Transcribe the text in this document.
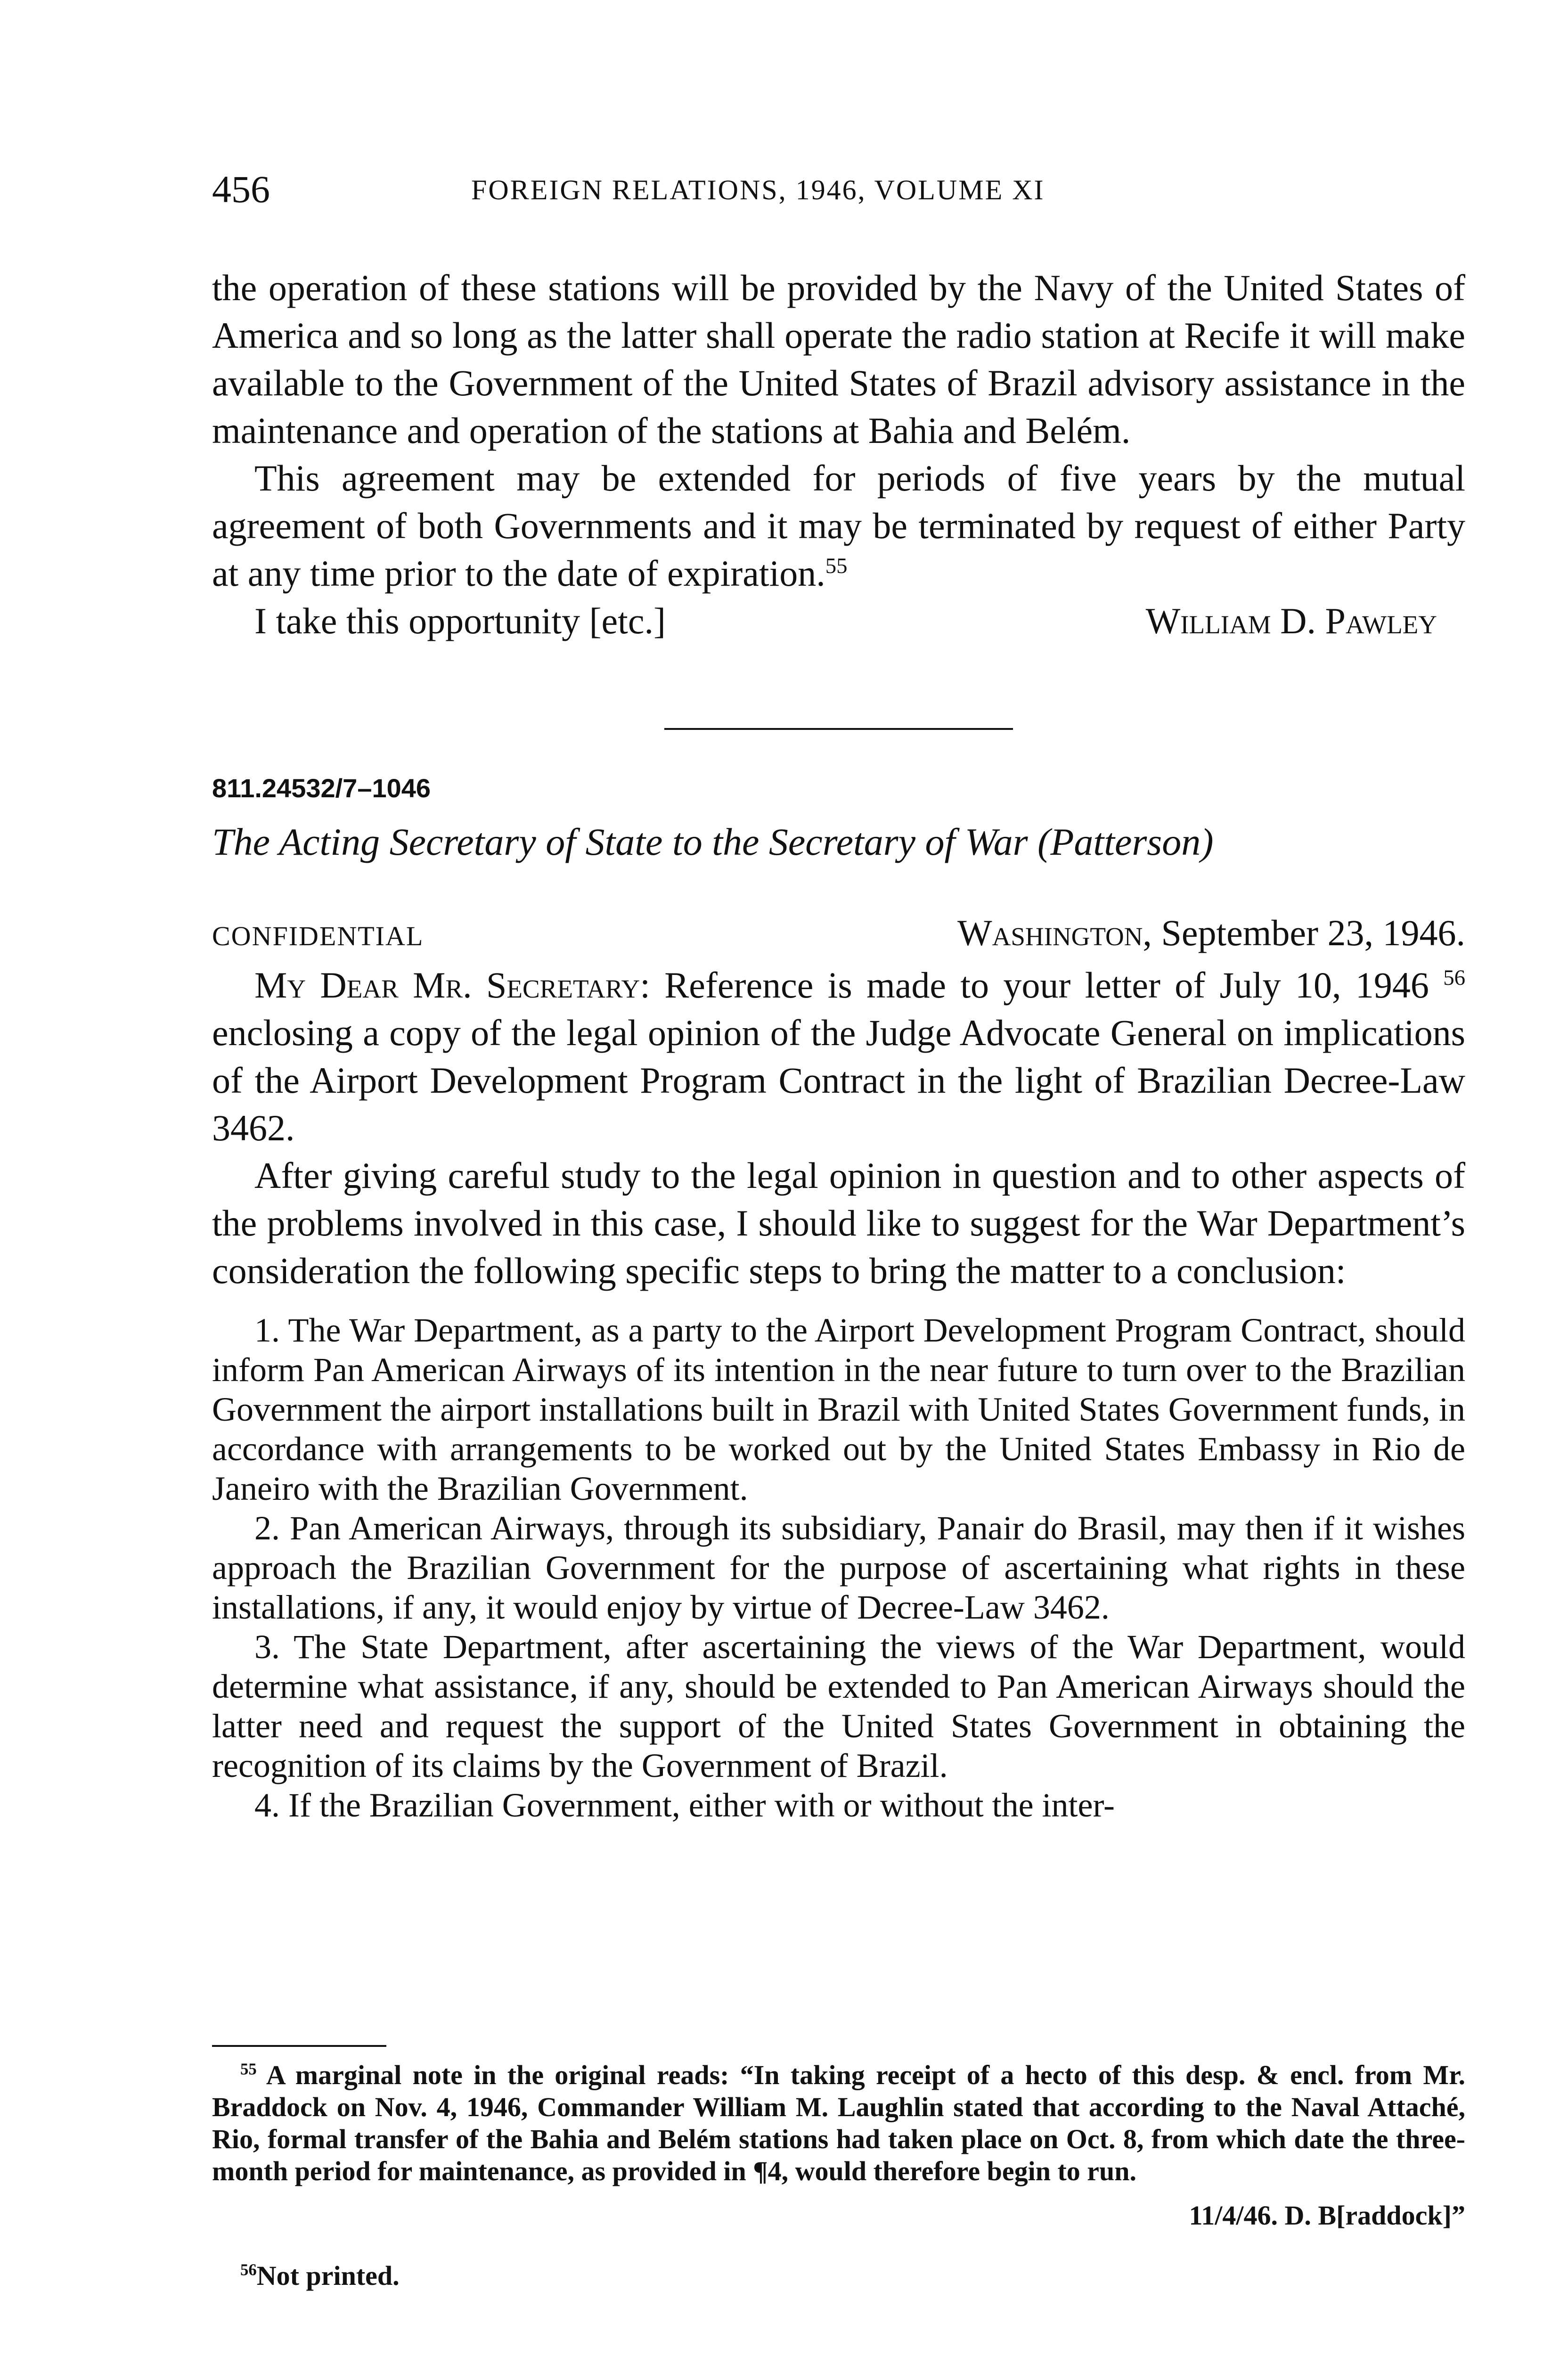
456	FOREIGN RELATIONS, 1946, VOLUME XI

the operation of these stations will be provided by the Navy of the United States of America and so long as the latter shall operate the radio station at Recife it will make available to the Government of the United States of Brazil advisory assistance in the maintenance and operation of the stations at Bahia and Belém.

This agreement may be extended for periods of five years by the mutual agreement of both Governments and it may be terminated by request of either Party at any time prior to the date of expiration.$^{55}$

I take this opportunity [etc.]	William D. Pawley
811.24532/7–1046
The Acting Secretary of State to the Secretary of War (Patterson)
CONFIDENTIAL	Washington, September 23, 1946.

My Dear Mr. Secretary: Reference is made to your letter of July 10, 1946 $^{56}$ enclosing a copy of the legal opinion of the Judge Advocate General on implications of the Airport Development Program Contract in the light of Brazilian Decree-Law 3462.

After giving careful study to the legal opinion in question and to other aspects of the problems involved in this case, I should like to suggest for the War Department’s consideration the following specific steps to bring the matter to a conclusion:

1. The War Department, as a party to the Airport Development Program Contract, should inform Pan American Airways of its intention in the near future to turn over to the Brazilian Government the airport installations built in Brazil with United States Government funds, in accordance with arrangements to be worked out by the United States Embassy in Rio de Janeiro with the Brazilian Government.

2. Pan American Airways, through its subsidiary, Panair do Brasil, may then if it wishes approach the Brazilian Government for the purpose of ascertaining what rights in these installations, if any, it would enjoy by virtue of Decree-Law 3462.

3. The State Department, after ascertaining the views of the War Department, would determine what assistance, if any, should be extended to Pan American Airways should the latter need and request the support of the United States Government in obtaining the recognition of its claims by the Government of Brazil.

4. If the Brazilian Government, either with or without the inter-

$^{55}$ A marginal note in the original reads: “In taking receipt of a hecto of this desp. & encl. from Mr. Braddock on Nov. 4, 1946, Commander William M. Laughlin stated that according to the Naval Attaché, Rio, formal transfer of the Bahia and Belém stations had taken place on Oct. 8, from which date the three-month period for maintenance, as provided in ¶4, would therefore begin to run.

11/4/46. D. B[raddock]”

$^{56}$Not printed.
